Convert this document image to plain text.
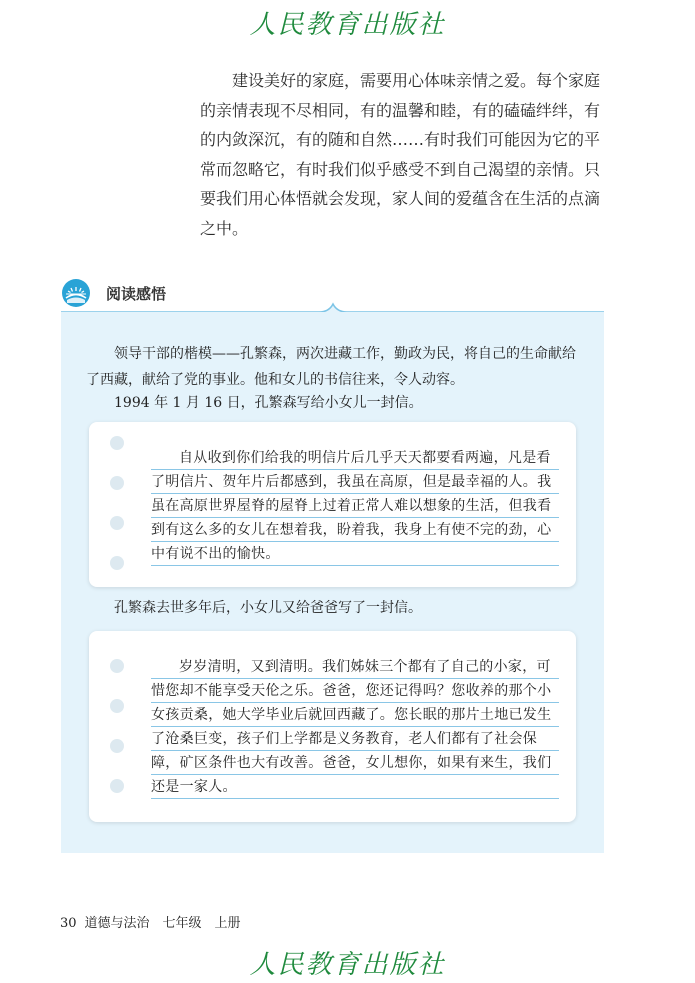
人民教育出版社

建设美好的家庭，需要用心体味亲情之爱。每个家庭的亲情表现不尽相同，有的温馨和睦，有的磕磕绊绊，有的内敛深沉，有的随和自然……有时我们可能因为它的平常而忽略它，有时我们似乎感受不到自己渴望的亲情。只要我们用心体悟就会发现，家人间的爱蕴含在生活的点滴之中。

阅读感悟

领导干部的楷模——孔繁森，两次进藏工作，勤政为民，将自己的生命献给了西藏，献给了党的事业。他和女儿的书信往来，令人动容。

1994 年 1 月 16 日，孔繁森写给小女儿一封信。

自从收到你们给我的明信片后几乎天天都要看两遍，凡是看了明信片、贺年片后都感到，我虽在高原，但是最幸福的人。我虽在高原世界屋脊的屋脊上过着正常人难以想象的生活，但我看到有这么多的女儿在想着我，盼着我，我身上有使不完的劲，心中有说不出的愉快。

孔繁森去世多年后，小女儿又给爸爸写了一封信。

岁岁清明，又到清明。我们姊妹三个都有了自己的小家，可惜您却不能享受天伦之乐。爸爸，您还记得吗？您收养的那个小女孩贡桑，她大学毕业后就回西藏了。您长眠的那片土地已发生了沧桑巨变，孩子们上学都是义务教育，老人们都有了社会保障，矿区条件也大有改善。爸爸，女儿想你，如果有来生，我们还是一家人。

30 道德与法治　七年级　上册
人民教育出版社
